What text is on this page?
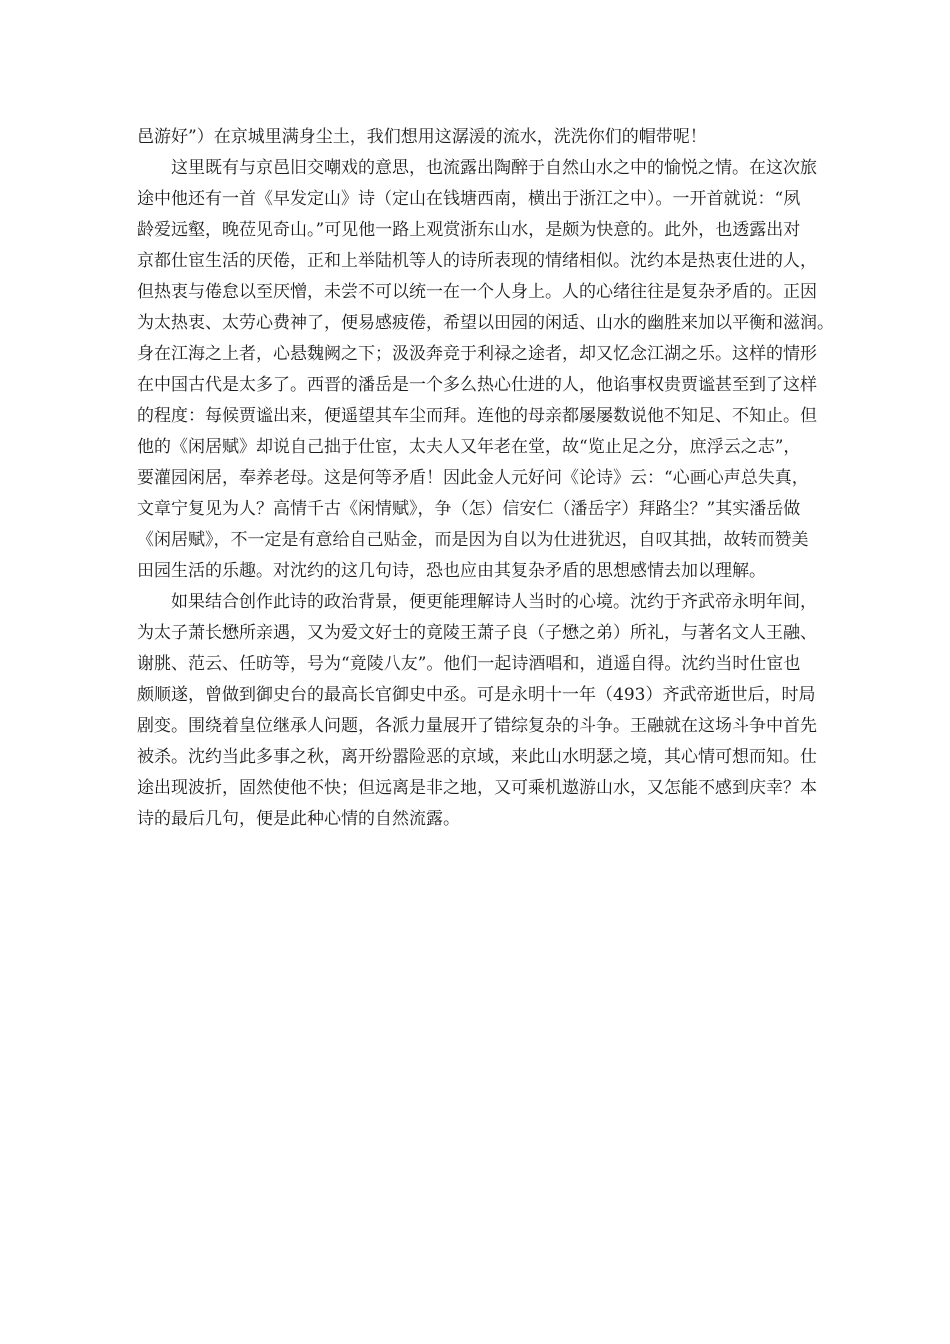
邑游好”）在京城里满身尘土，我们想用这潺湲的流水，洗洗你们的帽带呢！
这里既有与京邑旧交嘲戏的意思，也流露出陶醉于自然山水之中的愉悦之情。在这次旅
途中他还有一首《早发定山》诗（定山在钱塘西南，横出于浙江之中）。一开首就说：“夙
龄爱远壑，晚莅见奇山。”可见他一路上观赏浙东山水，是颇为快意的。此外，也透露出对
京都仕宦生活的厌倦，正和上举陆机等人的诗所表现的情绪相似。沈约本是热衷仕进的人，
但热衷与倦怠以至厌憎，未尝不可以统一在一个人身上。人的心绪往往是复杂矛盾的。正因
为太热衷、太劳心费神了，便易感疲倦，希望以田园的闲适、山水的幽胜来加以平衡和滋润。
身在江海之上者，心悬魏阙之下；汲汲奔竞于利禄之途者，却又忆念江湖之乐。这样的情形
在中国古代是太多了。西晋的潘岳是一个多么热心仕进的人，他谄事权贵贾谧甚至到了这样
的程度：每候贾谧出来，便遥望其车尘而拜。连他的母亲都屡屡数说他不知足、不知止。但
他的《闲居赋》却说自己拙于仕宦，太夫人又年老在堂，故“览止足之分，庶浮云之志”，
要灌园闲居，奉养老母。这是何等矛盾！因此金人元好问《论诗》云：“心画心声总失真，
文章宁复见为人？高情千古《闲情赋》，争（怎）信安仁（潘岳字）拜路尘？”其实潘岳做
《闲居赋》，不一定是有意给自己贴金，而是因为自以为仕进犹迟，自叹其拙，故转而赞美
田园生活的乐趣。对沈约的这几句诗，恐也应由其复杂矛盾的思想感情去加以理解。
如果结合创作此诗的政治背景，便更能理解诗人当时的心境。沈约于齐武帝永明年间，
为太子萧长懋所亲遇，又为爱文好士的竟陵王萧子良（子懋之弟）所礼，与著名文人王融、
谢朓、范云、任昉等，号为“竟陵八友”。他们一起诗酒唱和，逍遥自得。沈约当时仕宦也
颇顺遂，曾做到御史台的最高长官御史中丞。可是永明十一年（493）齐武帝逝世后，时局
剧变。围绕着皇位继承人问题，各派力量展开了错综复杂的斗争。王融就在这场斗争中首先
被杀。沈约当此多事之秋，离开纷嚣险恶的京域，来此山水明瑟之境，其心情可想而知。仕
途出现波折，固然使他不快；但远离是非之地，又可乘机遨游山水，又怎能不感到庆幸？本
诗的最后几句，便是此种心情的自然流露。
